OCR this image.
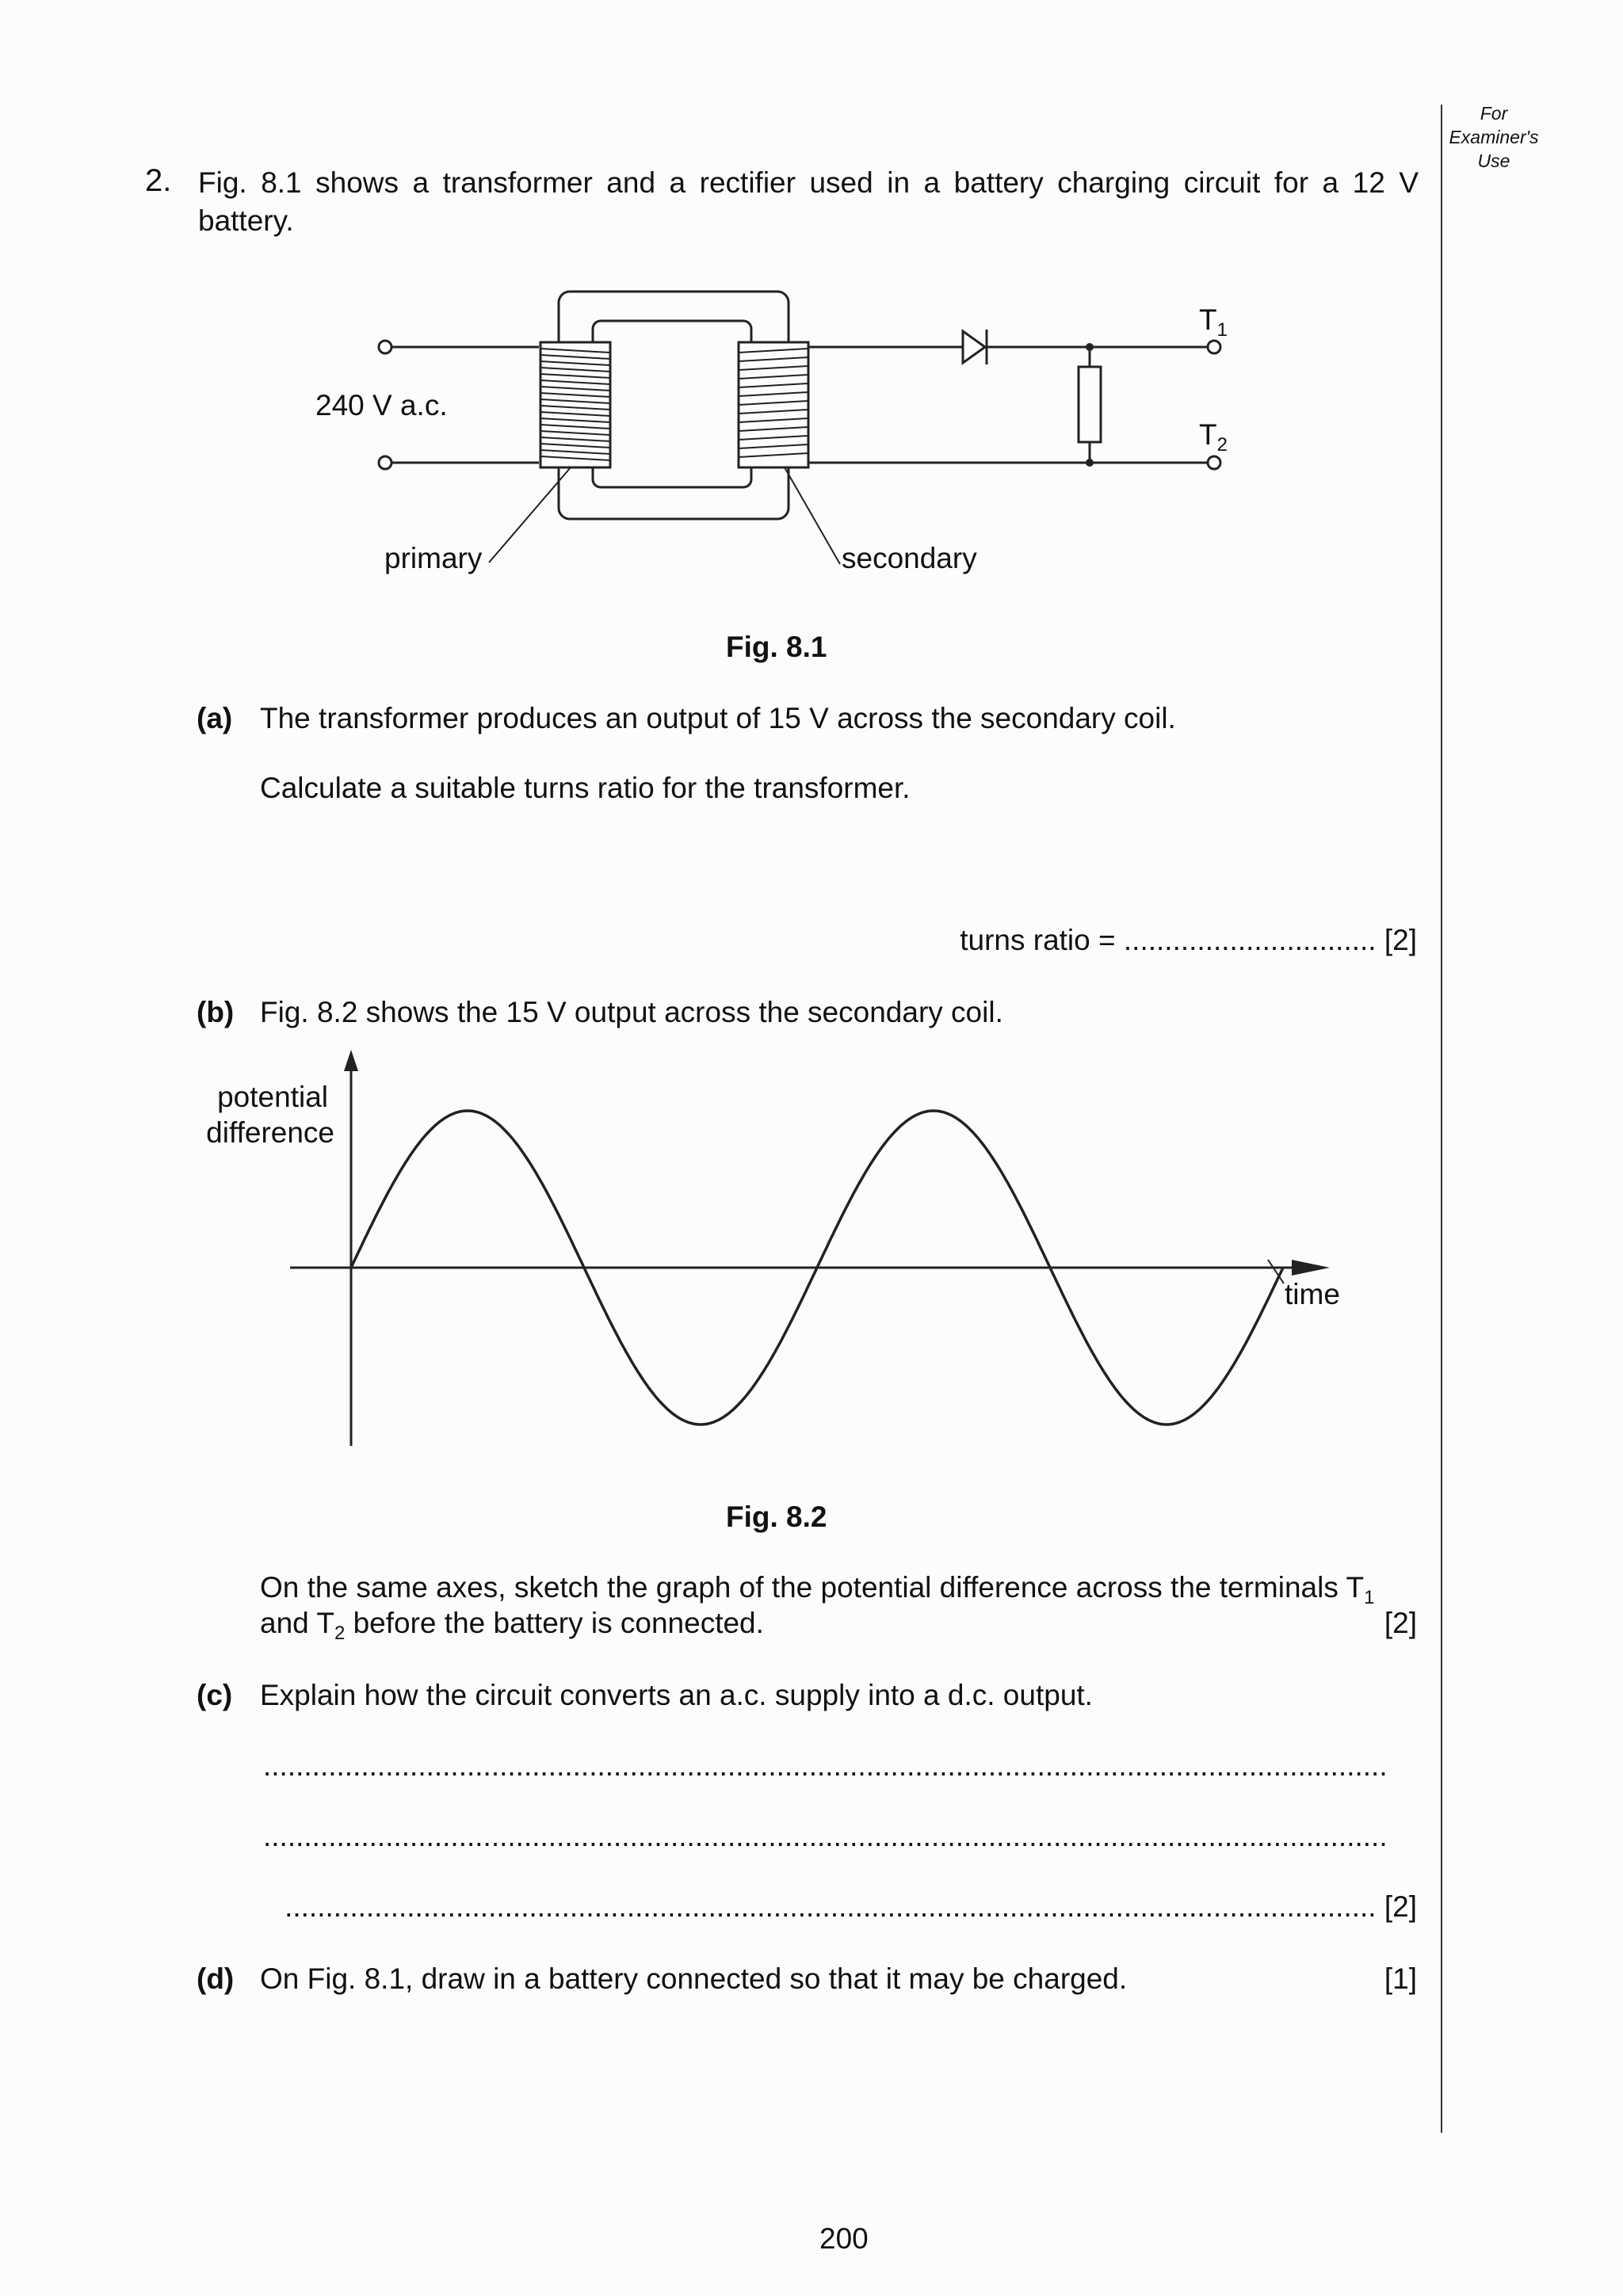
For
Examiner's
Use
2. Fig. 8.1 shows a transformer and a rectifier used in a battery charging circuit for a 12 V
battery.
240 V a.c.
primary	secondary
$T_1$
$T_2$
Fig. 8.1
(a) The transformer produces an output of 15 V across the secondary coil.
Calculate a suitable turns ratio for the transformer.
turns ratio = ............................... [2]
(b) Fig. 8.2 shows the 15 V output across the secondary coil.
potential
difference
time
Fig. 8.2
On the same axes, sketch the graph of the potential difference across the terminals $T_1$
and $T_2$ before the battery is connected.	[2]
(c) Explain how the circuit converts an a.c. supply into a d.c. output.
..........................................................................................................................................
..........................................................................................................................................
...................................................................................................................................... [2]
(d) On Fig. 8.1, draw in a battery connected so that it may be charged.	[1]
200
